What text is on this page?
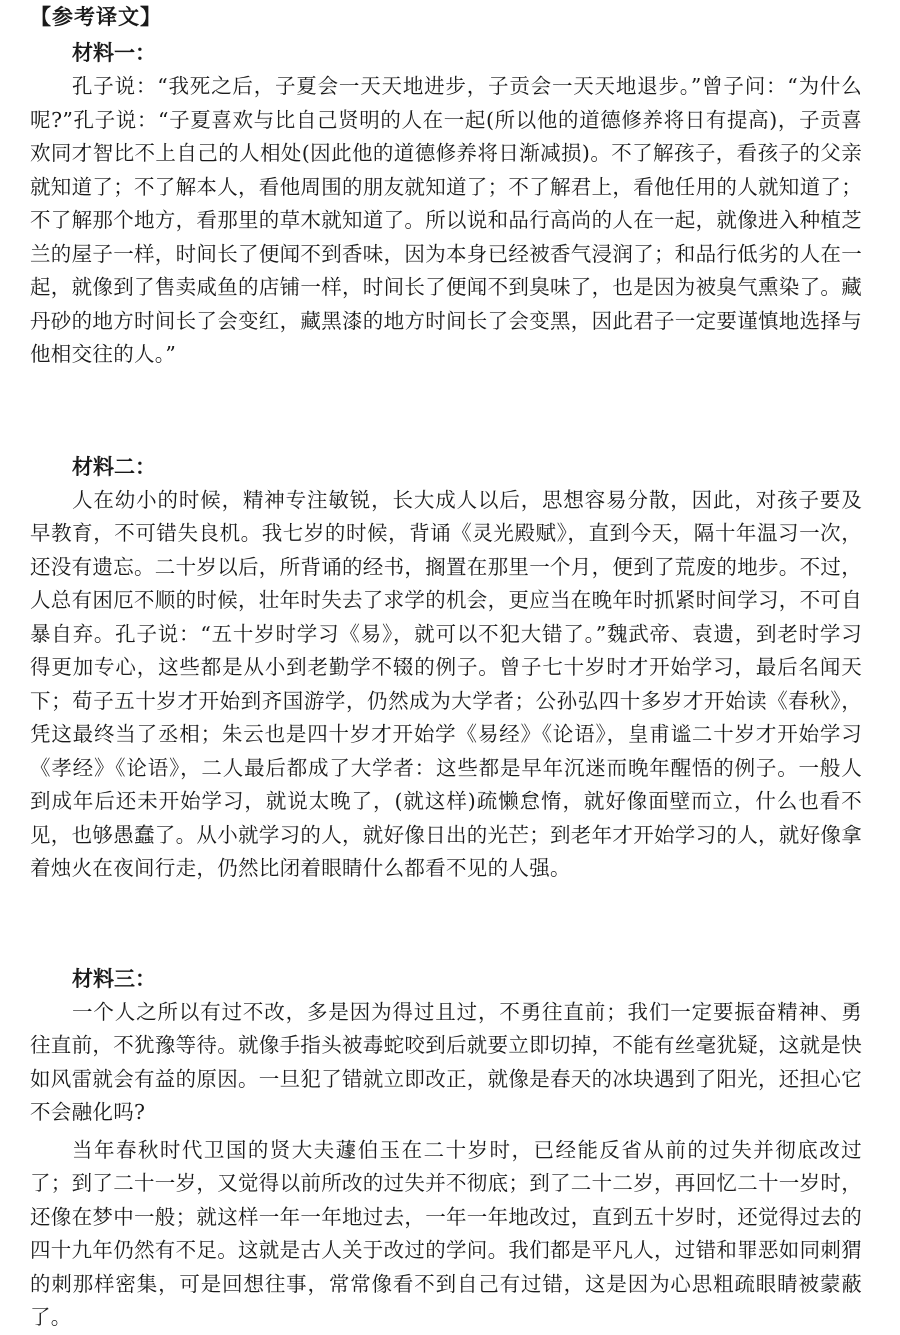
【参考译文】

材料一：

孔子说：“我死之后，子夏会一天天地进步，子贡会一天天地退步。”曾子问：“为什么呢?”孔子说：“子夏喜欢与比自己贤明的人在一起(所以他的道德修养将日有提高)，子贡喜欢同才智比不上自己的人相处(因此他的道德修养将日渐减损)。不了解孩子，看孩子的父亲就知道了；不了解本人，看他周围的朋友就知道了；不了解君上，看他任用的人就知道了；不了解那个地方，看那里的草木就知道了。所以说和品行高尚的人在一起，就像进入种植芝兰的屋子一样，时间长了便闻不到香味，因为本身已经被香气浸润了；和品行低劣的人在一起，就像到了售卖咸鱼的店铺一样，时间长了便闻不到臭味了，也是因为被臭气熏染了。藏丹砂的地方时间长了会变红，藏黑漆的地方时间长了会变黑，因此君子一定要谨慎地选择与他相交往的人。”

材料二：

人在幼小的时候，精神专注敏锐，长大成人以后，思想容易分散，因此，对孩子要及早教育，不可错失良机。我七岁的时候，背诵《灵光殿赋》，直到今天，隔十年温习一次，还没有遗忘。二十岁以后，所背诵的经书，搁置在那里一个月，便到了荒废的地步。不过，人总有困厄不顺的时候，壮年时失去了求学的机会，更应当在晚年时抓紧时间学习，不可自暴自弃。孔子说：“五十岁时学习《易》，就可以不犯大错了。”魏武帝、袁遗，到老时学习得更加专心，这些都是从小到老勤学不辍的例子。曾子七十岁时才开始学习，最后名闻天下；荀子五十岁才开始到齐国游学，仍然成为大学者；公孙弘四十多岁才开始读《春秋》，凭这最终当了丞相；朱云也是四十岁才开始学《易经》《论语》，皇甫谧二十岁才开始学习《孝经》《论语》，二人最后都成了大学者：这些都是早年沉迷而晚年醒悟的例子。一般人到成年后还未开始学习，就说太晚了，(就这样)疏懒怠惰，就好像面壁而立，什么也看不见，也够愚蠢了。从小就学习的人，就好像日出的光芒；到老年才开始学习的人，就好像拿着烛火在夜间行走，仍然比闭着眼睛什么都看不见的人强。

材料三：

一个人之所以有过不改，多是因为得过且过，不勇往直前；我们一定要振奋精神、勇往直前，不犹豫等待。就像手指头被毒蛇咬到后就要立即切掉，不能有丝毫犹疑，这就是快如风雷就会有益的原因。一旦犯了错就立即改正，就像是春天的冰块遇到了阳光，还担心它不会融化吗?

当年春秋时代卫国的贤大夫蘧伯玉在二十岁时，已经能反省从前的过失并彻底改过了；到了二十一岁，又觉得以前所改的过失并不彻底；到了二十二岁，再回忆二十一岁时，还像在梦中一般；就这样一年一年地过去，一年一年地改过，直到五十岁时，还觉得过去的四十九年仍然有不足。这就是古人关于改过的学问。我们都是平凡人，过错和罪恶如同刺猬的刺那样密集，可是回想往事，常常像看不到自己有过错，这是因为心思粗疏眼睛被蒙蔽了。
